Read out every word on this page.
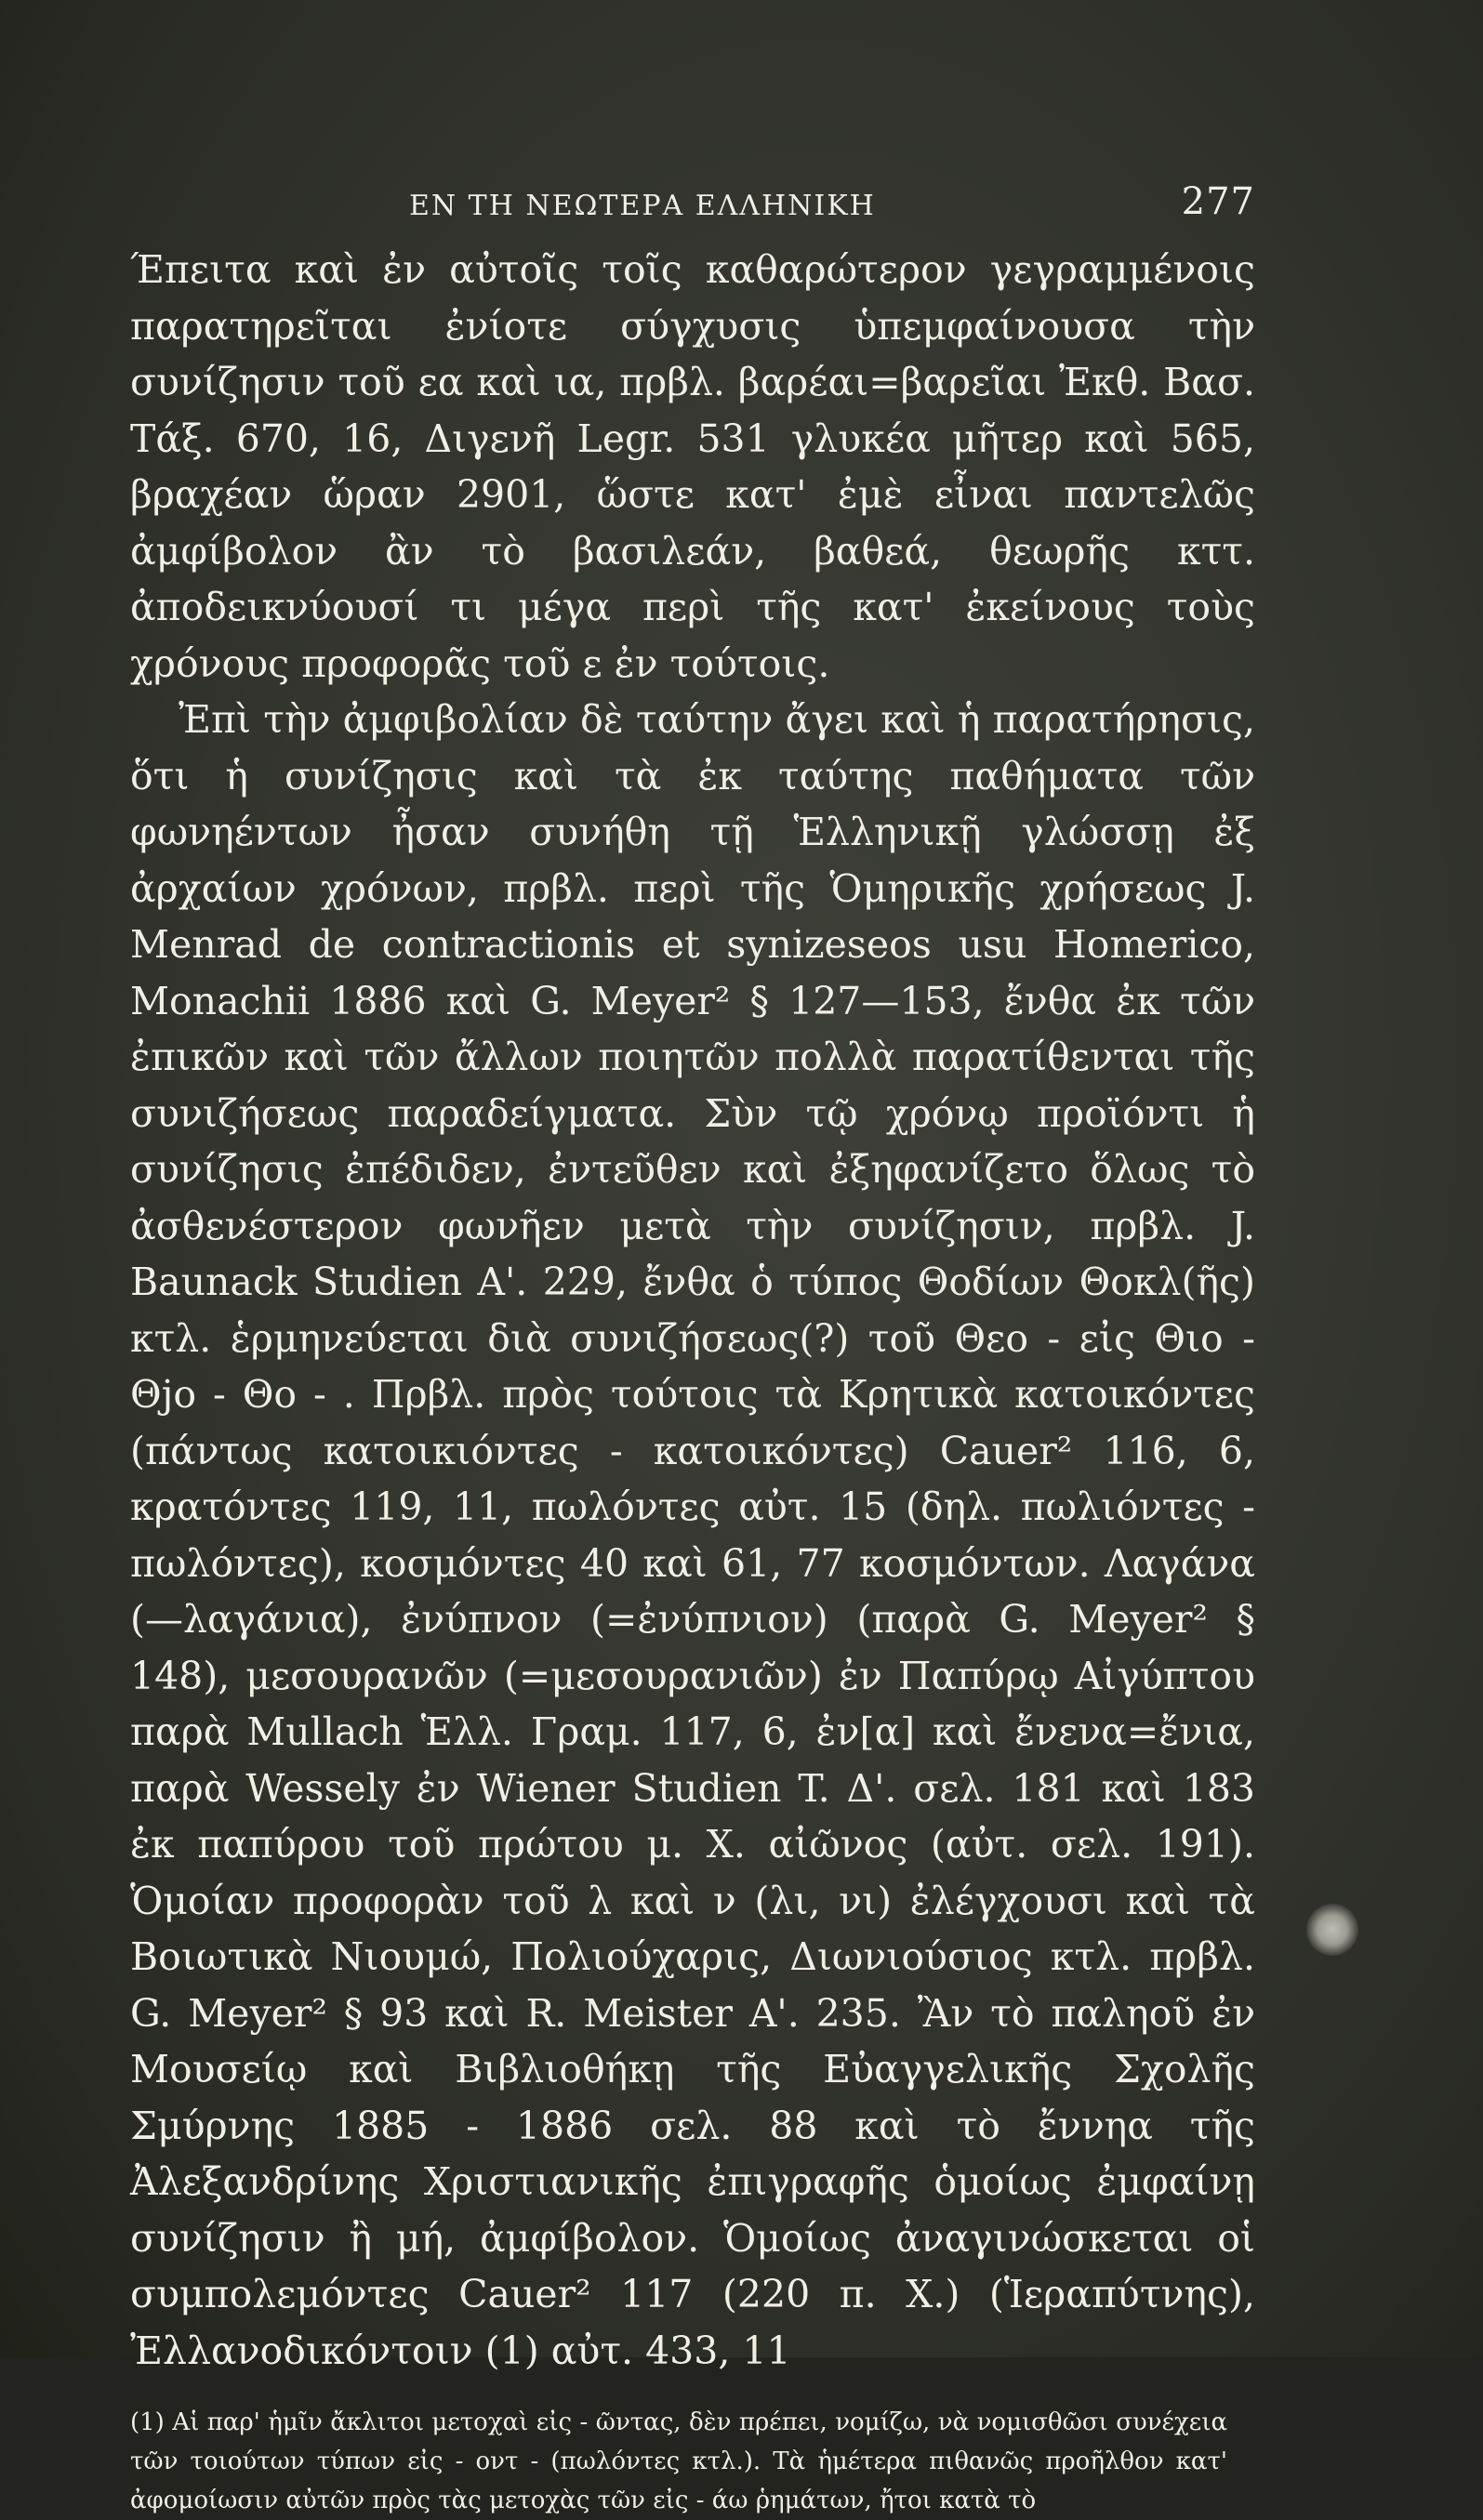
ΕΝ ΤΗ ΝΕΩΤΕΡΑ ΕΛΛΗΝΙΚΗ	277

Έπειτα καὶ ἐν αὐτοῖς τοῖς καθαρώτερον γεγραμμένοις παρατηρεῖται ἐνίοτε σύγχυσις ὑπεμφαίνουσα τὴν συνίζησιν τοῦ εα καὶ ια, πρβλ. βαρέαι=βαρεῖαι Ἐκθ. Βασ. Τάξ. 670, 16, Διγενῆ Legr. 531 γλυκέα μῆτερ καὶ 565, βραχέαν ὥραν 2901, ὥστε κατ' ἐμὲ εἶναι παντελῶς ἀμφίβολον ἂν τὸ βασιλεάν, βαθεά, θεωρῆς κττ. ἀποδεικνύουσί τι μέγα περὶ τῆς κατ' ἐκείνους τοὺς χρόνους προφορᾶς τοῦ ε ἐν τούτοις.

Ἐπὶ τὴν ἀμφιβολίαν δὲ ταύτην ἄγει καὶ ἡ παρατήρησις, ὅτι ἡ συνίζησις καὶ τὰ ἐκ ταύτης παθήματα τῶν φωνηέντων ἦσαν συνήθη τῇ Ἑλληνικῇ γλώσσῃ ἐξ ἀρχαίων χρόνων, πρβλ. περὶ τῆς Ὁμηρικῆς χρήσεως J. Menrad de contractionis et synizeseos usu Homerico, Monachii 1886 καὶ G. Meyer² § 127—153, ἔνθα ἐκ τῶν ἐπικῶν καὶ τῶν ἄλλων ποιητῶν πολλὰ παρατίθενται τῆς συνιζήσεως παραδείγματα. Σὺν τῷ χρόνῳ προϊόντι ἡ συνίζησις ἐπέδιδεν, ἐντεῦθεν καὶ ἐξηφανίζετο ὅλως τὸ ἀσθενέστερον φωνῆεν μετὰ τὴν συνίζησιν, πρβλ. J. Baunack Studien Α'. 229, ἔνθα ὁ τύπος Θοδίων Θοκλ(ῆς) κτλ. ἑρμηνεύεται διὰ συνιζήσεως(?) τοῦ Θεο - εἰς Θιο - Θjo - Θο - . Πρβλ. πρὸς τούτοις τὰ Κρητικὰ κατοικόντες (πάντως κατοικιόντες - κατοικόντες) Cauer² 116, 6, κρατόντες 119, 11, πωλόντες αὐτ. 15 (δηλ. πωλιόντες - πωλόντες), κοσμόντες 40 καὶ 61, 77 κοσμόντων. Λαγάνα (—λαγάνια), ἐνύπνον (=ἐνύπνιον) (παρὰ G. Meyer² § 148), μεσουρανῶν (=μεσουρανιῶν) ἐν Παπύρῳ Αἰγύπτου παρὰ Mullach Ἑλλ. Γραμ. 117, 6, ἐν[α] καὶ ἔνενα=ἔνια, παρὰ Wessely ἐν Wiener Studien T. Δ'. σελ. 181 καὶ 183 ἐκ παπύρου τοῦ πρώτου μ. Χ. αἰῶνος (αὐτ. σελ. 191). Ὁμοίαν προφορὰν τοῦ λ καὶ ν (λι, νι) ἐλέγχουσι καὶ τὰ Βοιωτικὰ Νιουμώ, Πολιούχαρις, Διωνιούσιος κτλ. πρβλ. G. Meyer² § 93 καὶ R. Meister Α'. 235. Ἂν τὸ παληοῦ ἐν Μουσείῳ καὶ Βιβλιοθήκῃ τῆς Εὐαγγελικῆς Σχολῆς Σμύρνης 1885 - 1886 σελ. 88 καὶ τὸ ἔννηα τῆς Ἀλεξανδρίνης Χριστιανικῆς ἐπιγραφῆς ὁμοίως ἐμφαίνῃ συνίζησιν ἢ μή, ἀμφίβολον. Ὁμοίως ἀναγινώσκεται οἱ συμπολεμόντες Cauer² 117 (220 π. Χ.) (Ἱεραπύτνης), Ἐλλανοδικόντοιν (1) αὐτ. 433, 11

(1) Αἱ παρ' ἡμῖν ἄκλιτοι μετοχαὶ εἰς - ῶντας, δὲν πρέπει, νομίζω, νὰ νομισθῶσι συνέχεια τῶν τοιούτων τύπων εἰς - οντ - (πωλόντες κτλ.). Τὰ ἡμέτερα πιθανῶς προῆλθον κατ' ἀφομοίωσιν αὐτῶν πρὸς τὰς μετοχὰς τῶν εἰς - άω ῥημάτων, ἤτοι κατὰ τὸ
